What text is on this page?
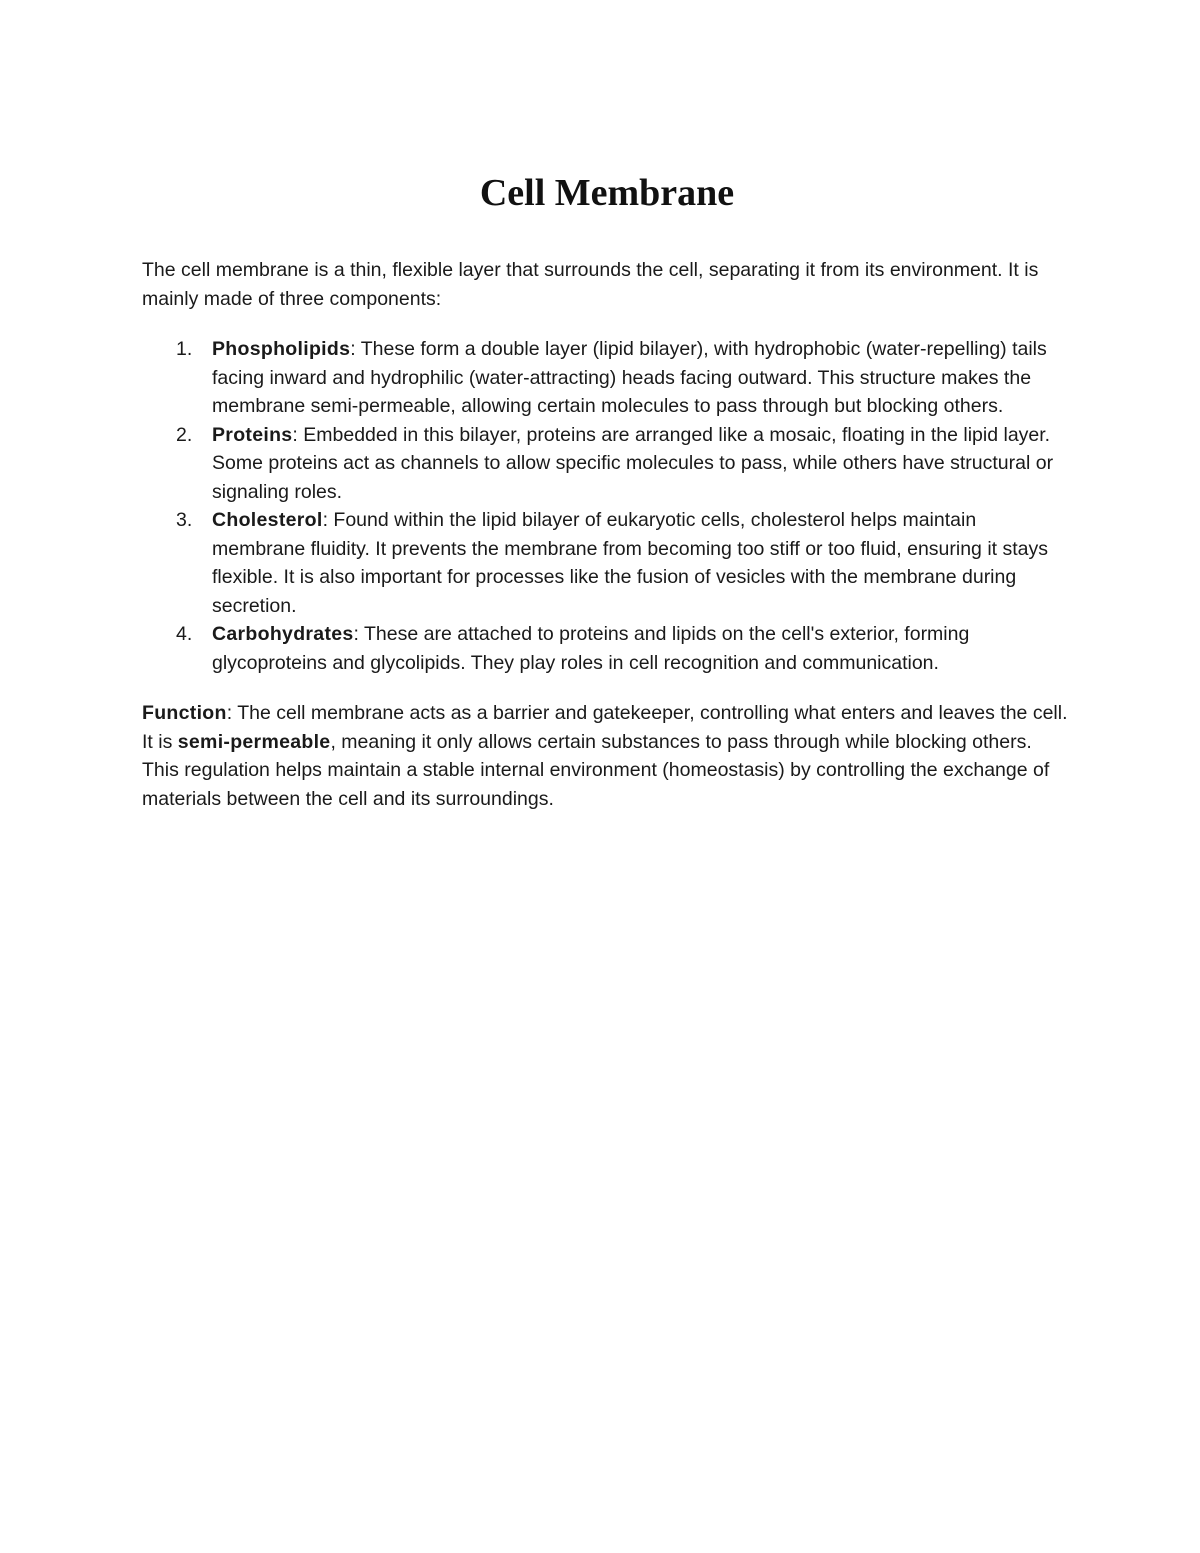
Cell Membrane

The cell membrane is a thin, flexible layer that surrounds the cell, separating it from its environment. It is mainly made of three components:

1. Phospholipids: These form a double layer (lipid bilayer), with hydrophobic (water-repelling) tails facing inward and hydrophilic (water-attracting) heads facing outward. This structure makes the membrane semi-permeable, allowing certain molecules to pass through but blocking others.
2. Proteins: Embedded in this bilayer, proteins are arranged like a mosaic, floating in the lipid layer. Some proteins act as channels to allow specific molecules to pass, while others have structural or signaling roles.
3. Cholesterol: Found within the lipid bilayer of eukaryotic cells, cholesterol helps maintain membrane fluidity. It prevents the membrane from becoming too stiff or too fluid, ensuring it stays flexible. It is also important for processes like the fusion of vesicles with the membrane during secretion.
4. Carbohydrates: These are attached to proteins and lipids on the cell's exterior, forming glycoproteins and glycolipids. They play roles in cell recognition and communication.

Function: The cell membrane acts as a barrier and gatekeeper, controlling what enters and leaves the cell. It is semi-permeable, meaning it only allows certain substances to pass through while blocking others. This regulation helps maintain a stable internal environment (homeostasis) by controlling the exchange of materials between the cell and its surroundings.
